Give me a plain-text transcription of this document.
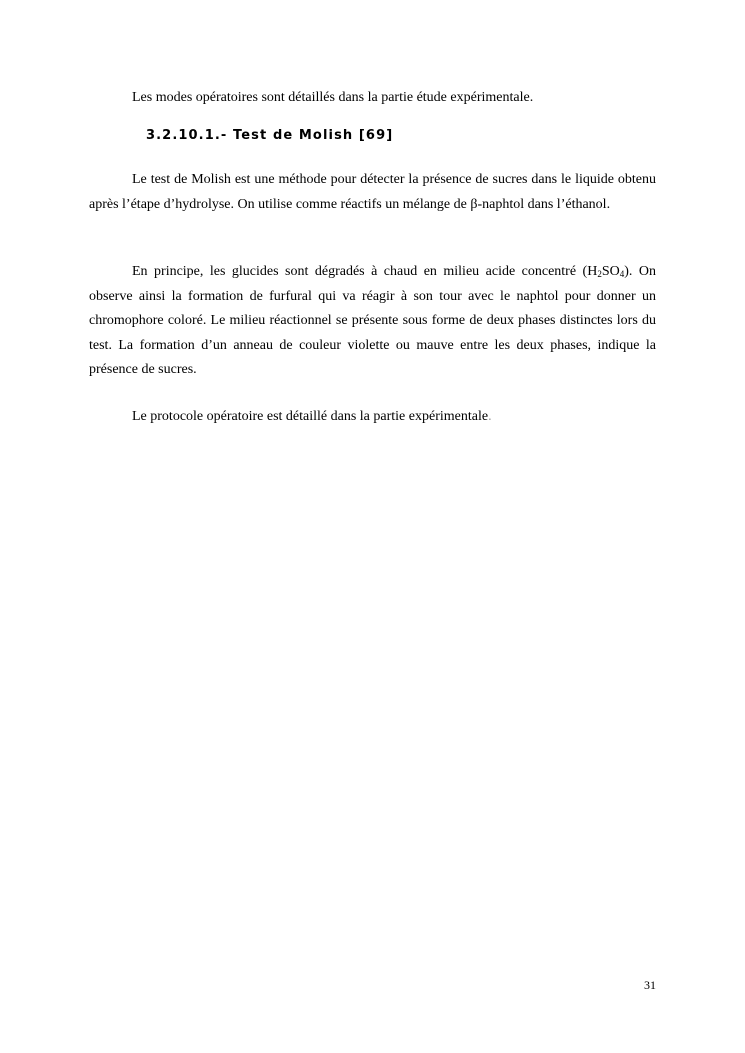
Les modes opératoires sont détaillés dans la partie étude expérimentale.

3.2.10.1.- Test de Molish [69]

Le test de Molish est une méthode pour détecter la présence de sucres dans le liquide obtenu après l’étape d’hydrolyse. On utilise comme réactifs un mélange de β-naphtol dans l’éthanol.

En principe, les glucides sont dégradés à chaud en milieu acide concentré $(H_2SO_4)$. On observe ainsi la formation de furfural qui va réagir à son tour avec le naphtol pour donner un chromophore coloré. Le milieu réactionnel se présente sous forme de deux phases distinctes lors du test. La formation d’un anneau de couleur violette ou mauve entre les deux phases, indique la présence de sucres.

Le protocole opératoire est détaillé dans la partie expérimentale.

31
